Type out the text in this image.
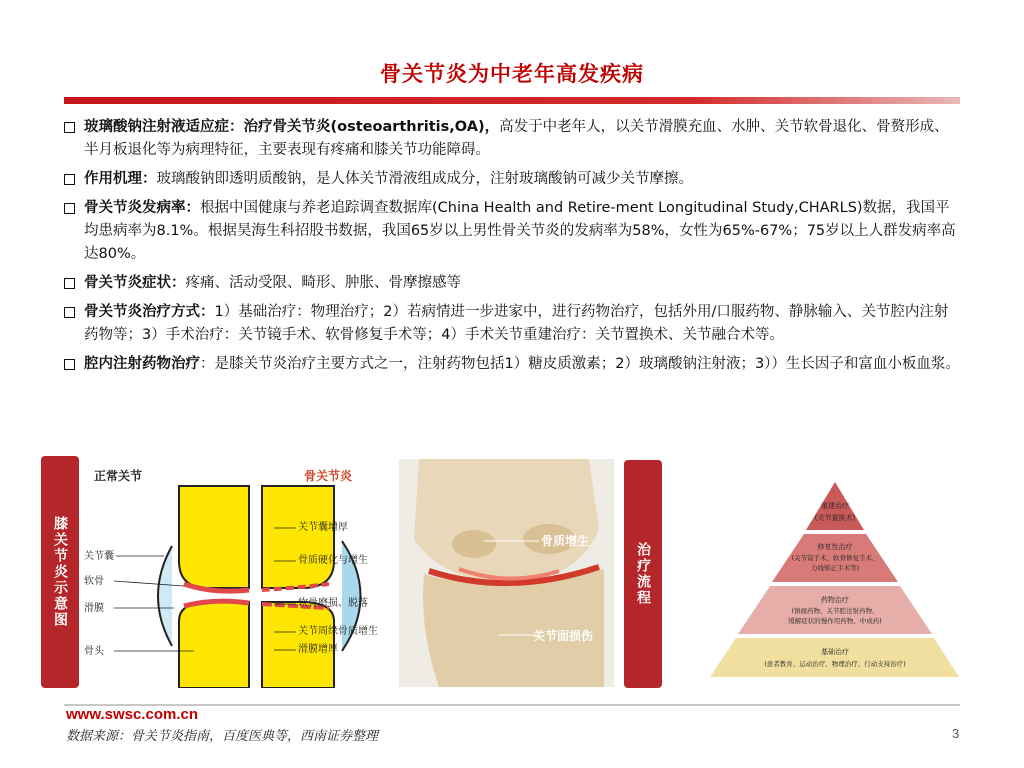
骨关节炎为中老年高发疾病
玻璃酸钠注射液适应症：治疗骨关节炎(osteoarthritis,OA)，高发于中老年人，以关节滑膜充血、水肿、关节软骨退化、骨赘形成、半月板退化等为病理特征，主要表现有疼痛和膝关节功能障碍。
作用机理：玻璃酸钠即透明质酸钠，是人体关节滑液组成成分，注射玻璃酸钠可减少关节摩擦。
骨关节炎发病率：根据中国健康与养老追踪调查数据库(China Health and Retire-ment Longitudinal Study,CHARLS)数据，我国平均患病率为8.1%。根据昊海生科招股书数据，我国65岁以上男性骨关节炎的发病率为58%，女性为65%-67%；75岁以上人群发病率高达80%。
骨关节炎症状：疼痛、活动受限、畸形、肿胀、骨摩擦感等
骨关节炎治疗方式：1）基础治疗：物理治疗；2）若病情进一步进家中，进行药物治疗，包括外用/口服药物、静脉输入、关节腔内注射药物等；3）手术治疗：关节镜手术、软骨修复手术等；4）手术关节重建治疗：关节置换术、关节融合术等。
腔内注射药物治疗：是膝关节炎治疗主要方式之一，注射药物包括1）糖皮质激素；2）玻璃酸钠注射液；3））生长因子和富血小板血浆。
膝关节炎示意图
正常关节	骨关节炎
关节囊
软骨
滑膜
骨头
关节囊增厚
骨质硬化与增生
软骨磨损、脱落
关节周缘骨质增生
滑膜增厚
骨质增生
关节面损伤
治疗流程
重建治疗
(关节置换术)
修复性治疗
(关节镜手术、软骨修复手术、
力线矫正手术等)
药物治疗
(镇痛药物、关节腔注射药物、
缓解症状的慢作用药物、中成药)
基础治疗
(患者教育、运动治疗、物理治疗、行动支持治疗)
www.swsc.com.cn
数据来源：骨关节炎指南，百度医典等，西南证券整理	3
